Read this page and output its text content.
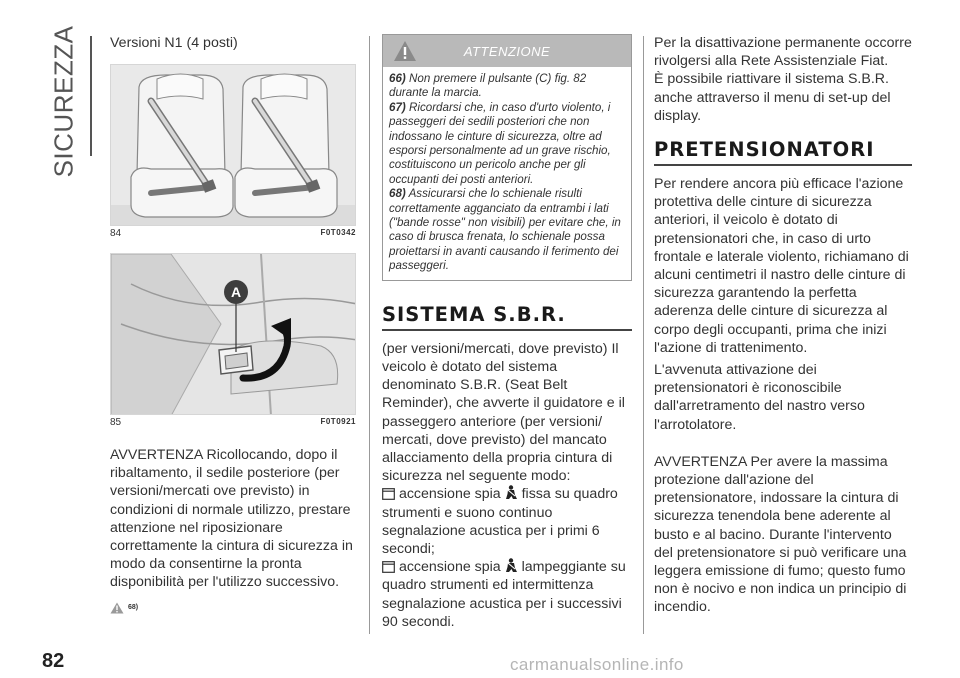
SICUREZZA Versioni N1 (4 posti)
84	F0T0342
A
85	F0T0921

AVVERTENZA Ricollocando, dopo il ribaltamento, il sedile posteriore (per versioni/mercati ove previsto) in condizioni di normale utilizzo, prestare attenzione nel riposizionare correttamente la cintura di sicurezza in modo da consentirne la pronta disponibilità per l'utilizzo successivo.

68)
ATTENZIONE

66) Non premere il pulsante (C) fig. 82 durante la marcia.

67) Ricordarsi che, in caso d'urto violento, i passeggeri dei sedili posteriori che non indossano le cinture di sicurezza, oltre ad esporsi personalmente ad un grave rischio, costituiscono un pericolo anche per gli occupanti dei posti anteriori.

68) Assicurarsi che lo schienale risulti correttamente agganciato da entrambi i lati ("bande rosse" non visibili) per evitare che, in caso di brusca frenata, lo schienale possa proiettarsi in avanti causando il ferimento dei passeggeri.

SISTEMA S.B.R.

(per versioni/mercati, dove previsto) Il veicolo è dotato del sistema denominato S.B.R. (Seat Belt Reminder), che avverte il guidatore e il passeggero anteriore (per versioni/ mercati, dove previsto) del mancato allacciamento della propria cintura di sicurezza nel seguente modo:

accensione spia fissa su quadro strumenti e suono continuo segnalazione acustica per i primi 6 secondi;

accensione spia lampeggiante su quadro strumenti ed intermittenza segnalazione acustica per i successivi 90 secondi.

Per la disattivazione permanente occorre rivolgersi alla Rete Assistenziale Fiat.

È possibile riattivare il sistema S.B.R. anche attraverso il menu di set-up del display.

PRETENSIONATORI

Per rendere ancora più efficace l'azione protettiva delle cinture di sicurezza anteriori, il veicolo è dotato di pretensionatori che, in caso di urto frontale e laterale violento, richiamano di alcuni centimetri il nastro delle cinture di sicurezza garantendo la perfetta aderenza delle cinture di sicurezza al corpo degli occupanti, prima che inizi l'azione di trattenimento.

L'avvenuta attivazione dei pretensionatori è riconoscibile dall'arretramento del nastro verso l'arrotolatore.

AVVERTENZA Per avere la massima protezione dall'azione del pretensionatore, indossare la cintura di sicurezza tenendola bene aderente al busto e al bacino. Durante l'intervento del pretensionatore si può verificare una leggera emissione di fumo; questo fumo non è nocivo e non indica un principio di incendio.

82	carmanualsonline.info
